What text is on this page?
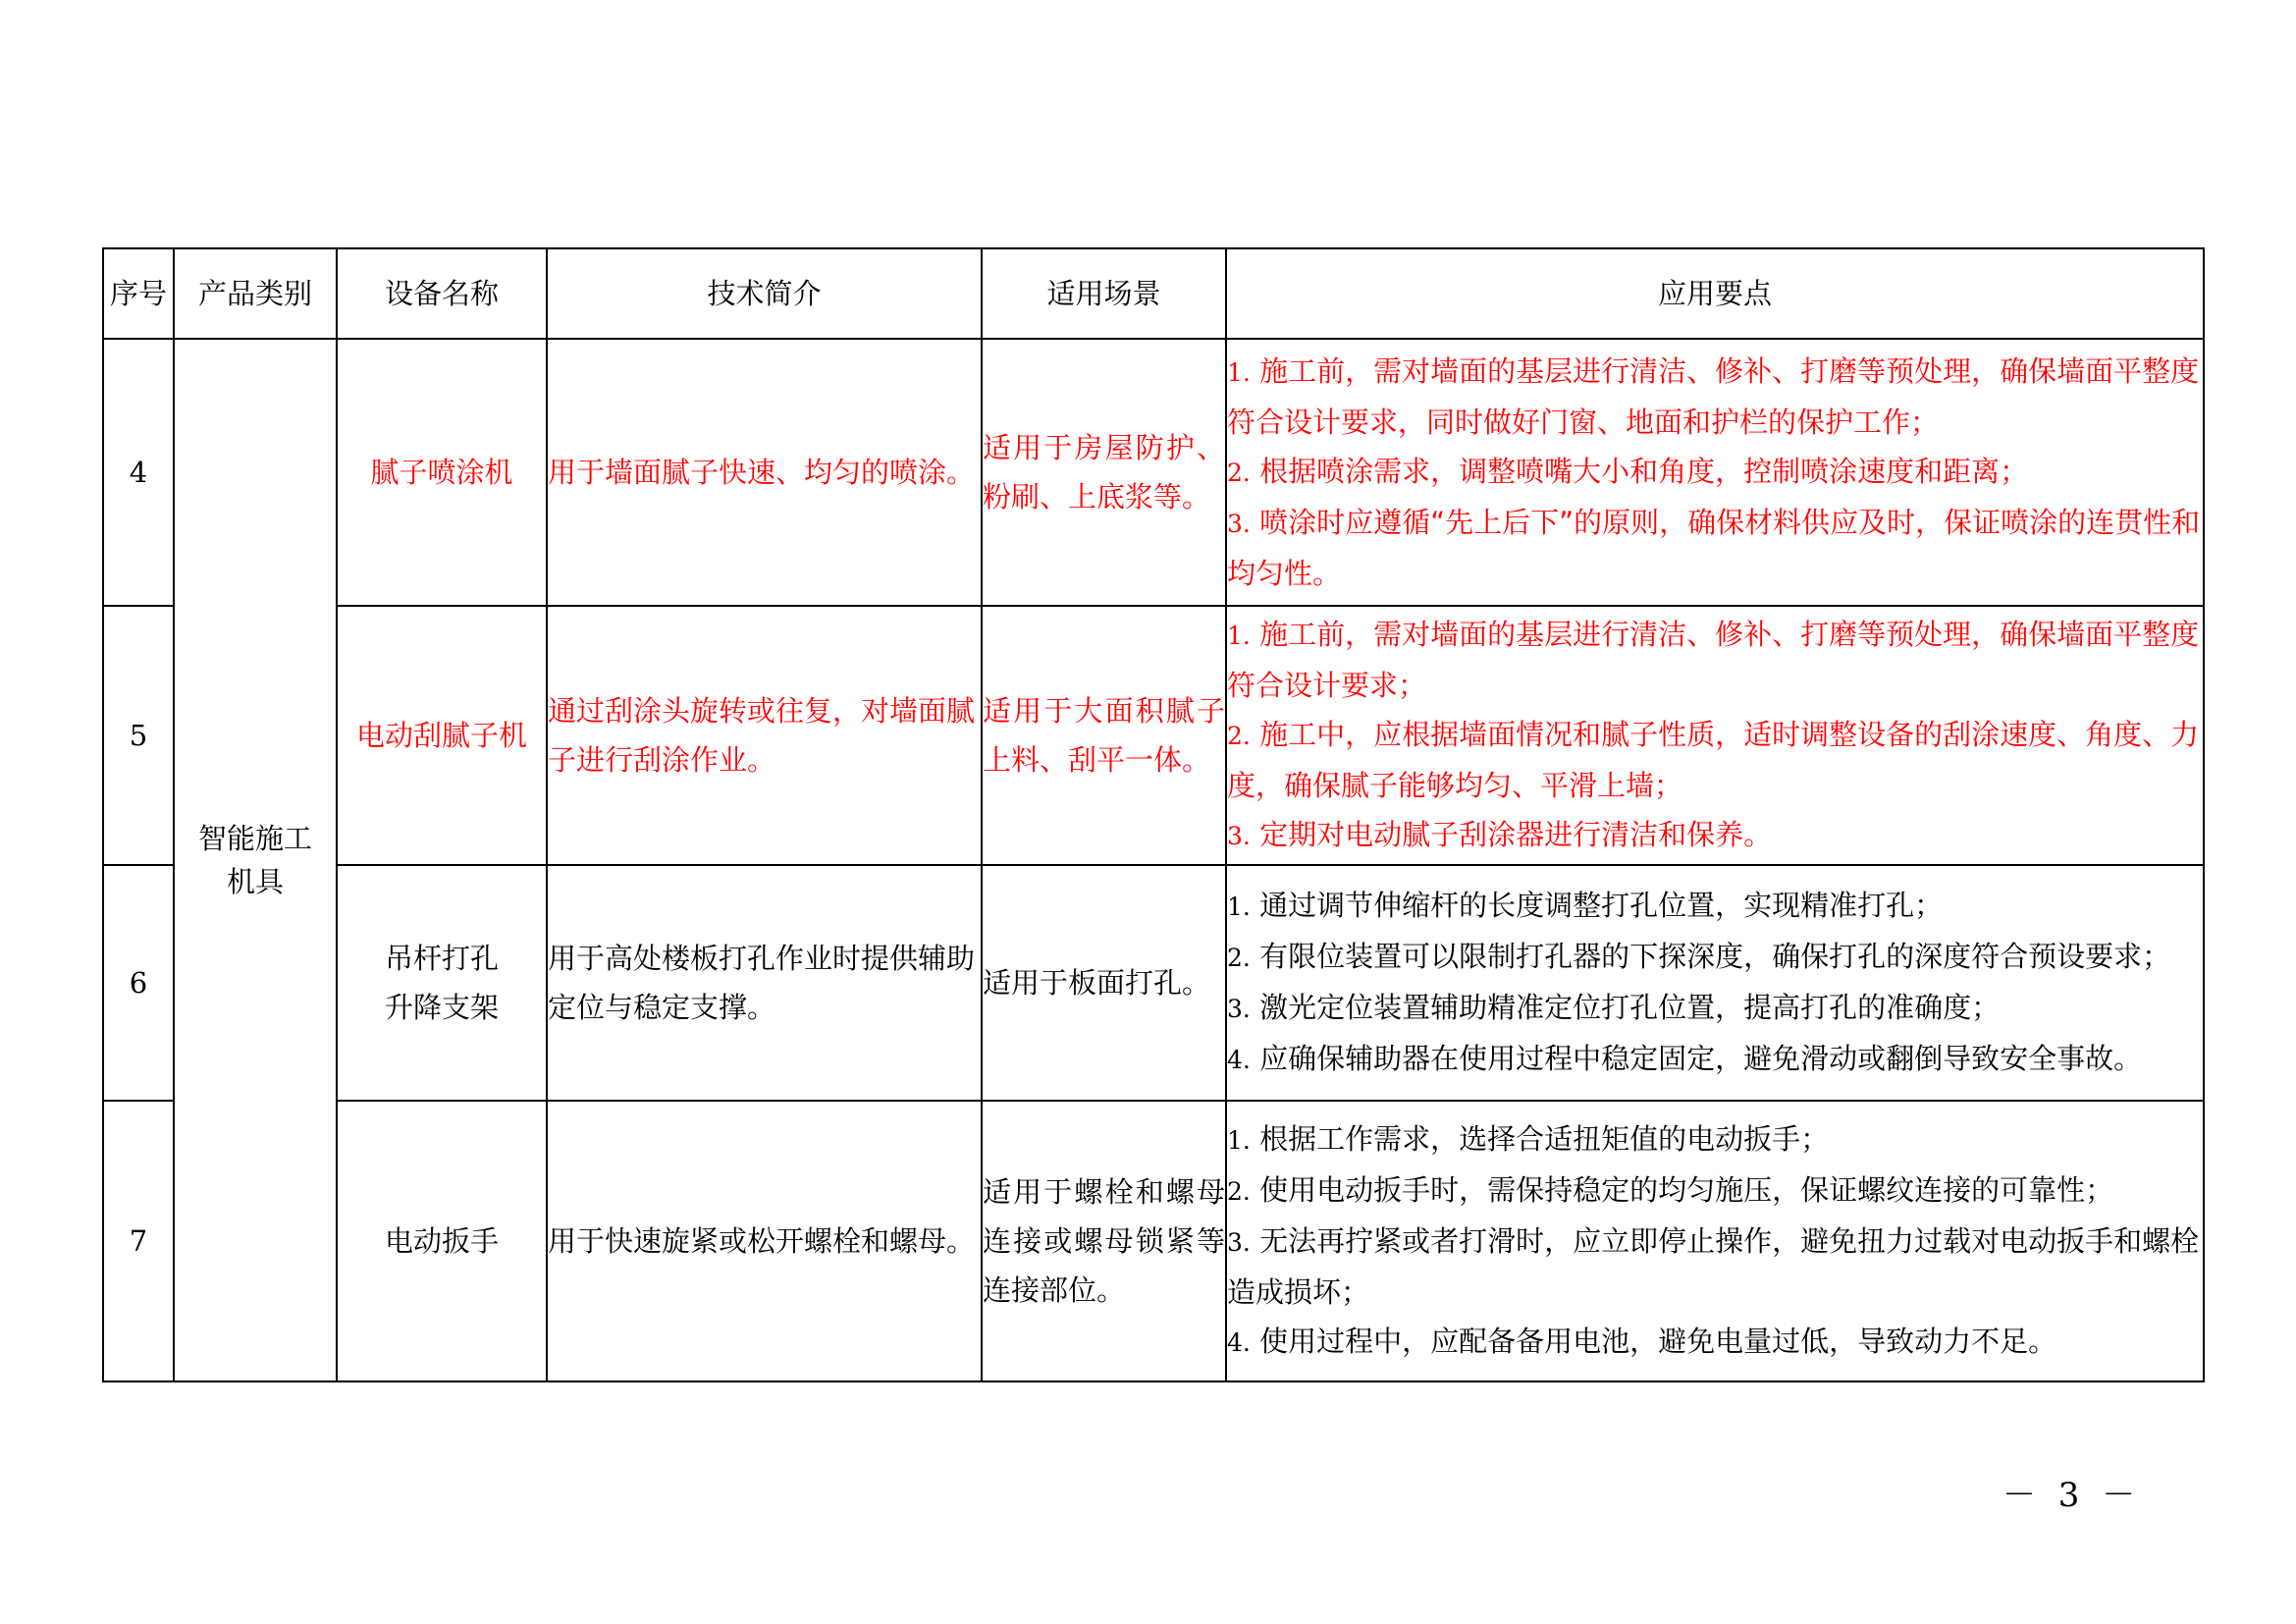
序号	产品类别	设备名称	技术简介	适用场景	应用要点
4	智能施工机具	腻子喷涂机	用于墙面腻子快速、均匀的喷涂。	适用于房屋防护、粉刷、上底浆等。	1. 施工前，需对墙面的基层进行清洁、修补、打磨等预处理，确保墙面平整度符合设计要求，同时做好门窗、地面和护栏的保护工作；
2. 根据喷涂需求，调整喷嘴大小和角度，控制喷涂速度和距离；
3. 喷涂时应遵循“先上后下”的原则，确保材料供应及时，保证喷涂的连贯性和均匀性。

5		电动刮腻子机	通过刮涂头旋转或往复，对墙面腻子进行刮涂作业。	适用于大面积腻子上料、刮平一体。	1. 施工前，需对墙面的基层进行清洁、修补、打磨等预处理，确保墙面平整度符合设计要求；
2. 施工中，应根据墙面情况和腻子性质，适时调整设备的刮涂速度、角度、力度，确保腻子能够均匀、平滑上墙；
3. 定期对电动腻子刮涂器进行清洁和保养。

6		吊杆打孔升降支架	用于高处楼板打孔作业时提供辅助定位与稳定支撑。	适用于板面打孔。	1. 通过调节伸缩杆的长度调整打孔位置，实现精准打孔；
2. 有限位装置可以限制打孔器的下探深度，确保打孔的深度符合预设要求；
3. 激光定位装置辅助精准定位打孔位置，提高打孔的准确度；
4. 应确保辅助器在使用过程中稳定固定，避免滑动或翻倒导致安全事故。

7		电动扳手	用于快速旋紧或松开螺栓和螺母。	适用于螺栓和螺母连接或螺母锁紧等连接部位。	1. 根据工作需求，选择合适扭矩值的电动扳手；
2. 使用电动扳手时，需保持稳定的均匀施压，保证螺纹连接的可靠性；
3. 无法再拧紧或者打滑时，应立即停止操作，避免扭力过载对电动扳手和螺栓造成损坏；
4. 使用过程中，应配备备用电池，避免电量过低，导致动力不足。
－ 3 －
